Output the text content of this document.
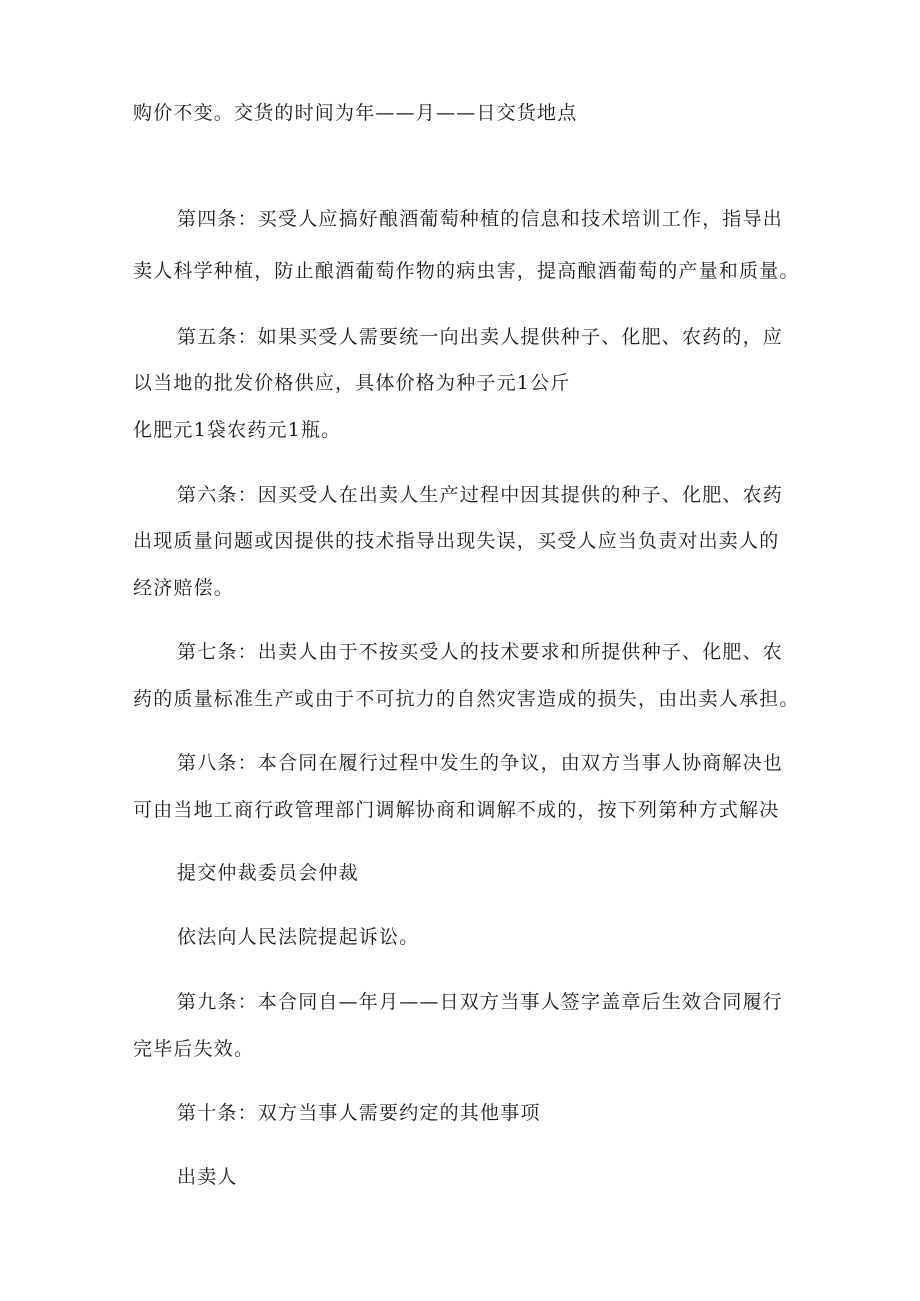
购价不变。交货的时间为年——月——日交货地点
第四条：买受人应搞好酿酒葡萄种植的信息和技术培训工作，指导出
卖人科学种植，防止酿酒葡萄作物的病虫害，提高酿酒葡萄的产量和质量。
第五条：如果买受人需要统一向出卖人提供种子、化肥、农药的，应
以当地的批发价格供应，具体价格为种子元1公斤
化肥元1袋农药元1瓶。
第六条：因买受人在出卖人生产过程中因其提供的种子、化肥、农药
出现质量问题或因提供的技术指导出现失误，买受人应当负责对出卖人的
经济赔偿。
第七条：出卖人由于不按买受人的技术要求和所提供种子、化肥、农
药的质量标准生产或由于不可抗力的自然灾害造成的损失，由出卖人承担。
第八条：本合同在履行过程中发生的争议，由双方当事人协商解决也
可由当地工商行政管理部门调解协商和调解不成的，按下列第种方式解决
提交仲裁委员会仲裁
依法向人民法院提起诉讼。
第九条：本合同自—年月——日双方当事人签字盖章后生效合同履行
完毕后失效。
第十条：双方当事人需要约定的其他事项
出卖人
